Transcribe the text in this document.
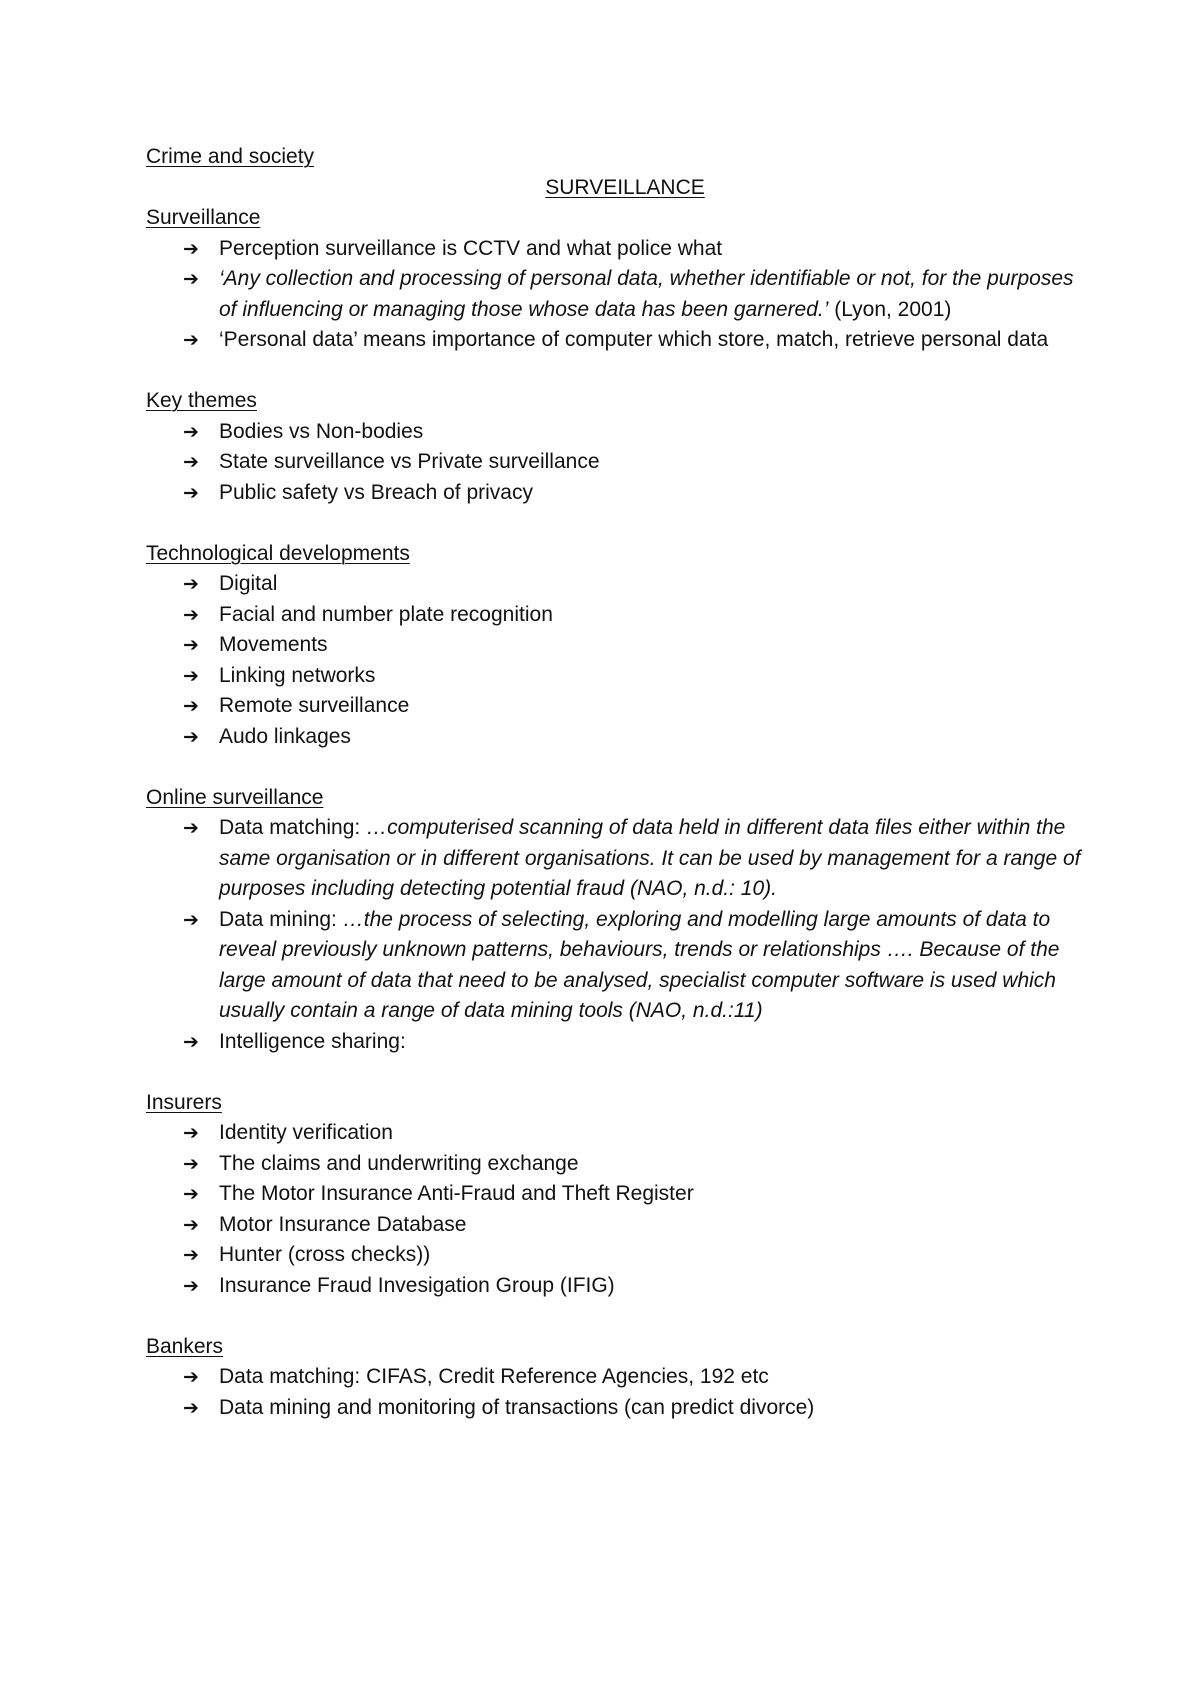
Crime and society
SURVEILLANCE
Surveillance
➔ Perception surveillance is CCTV and what police what
➔ ‘Any collection and processing of personal data, whether identifiable or not, for the purposes of influencing or managing those whose data has been garnered.’ (Lyon, 2001)
➔ ‘Personal data’ means importance of computer which store, match, retrieve personal data
Key themes
➔ Bodies vs Non-bodies
➔ State surveillance vs Private surveillance
➔ Public safety vs Breach of privacy
Technological developments
➔ Digital
➔ Facial and number plate recognition
➔ Movements
➔ Linking networks
➔ Remote surveillance
➔ Audo linkages
Online surveillance
➔ Data matching: …computerised scanning of data held in different data files either within the same organisation or in different organisations. It can be used by management for a range of purposes including detecting potential fraud (NAO, n.d.: 10).
➔ Data mining: …the process of selecting, exploring and modelling large amounts of data to reveal previously unknown patterns, behaviours, trends or relationships …. Because of the large amount of data that need to be analysed, specialist computer software is used which usually contain a range of data mining tools (NAO, n.d.:11)
➔ Intelligence sharing:
Insurers
➔ Identity verification
➔ The claims and underwriting exchange
➔ The Motor Insurance Anti-Fraud and Theft Register
➔ Motor Insurance Database
➔ Hunter (cross checks))
➔ Insurance Fraud Invesigation Group (IFIG)
Bankers
➔ Data matching: CIFAS, Credit Reference Agencies, 192 etc
➔ Data mining and monitoring of transactions (can predict divorce)
